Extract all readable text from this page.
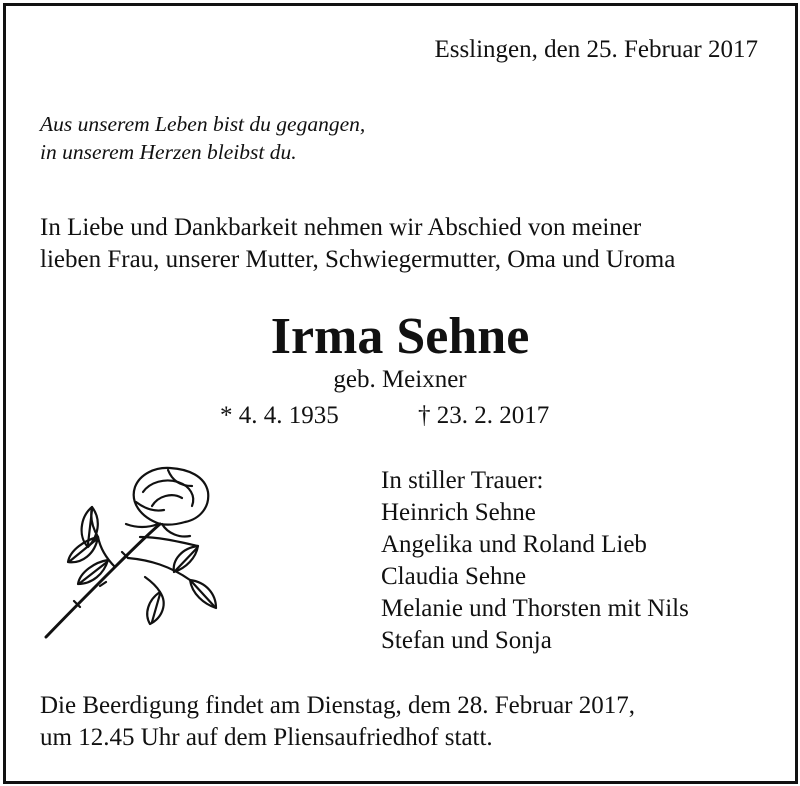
Esslingen, den 25. Februar 2017
Aus unserem Leben bist du gegangen,
in unserem Herzen bleibst du.
In Liebe und Dankbarkeit nehmen wir Abschied von meiner
lieben Frau, unserer Mutter, Schwiegermutter, Oma und Uroma
Irma Sehne
geb. Meixner
* 4. 4. 1935	† 23. 2. 2017
In stiller Trauer:
Heinrich Sehne
Angelika und Roland Lieb
Claudia Sehne
Melanie und Thorsten mit Nils
Stefan und Sonja
Die Beerdigung findet am Dienstag, dem 28. Februar 2017,
um 12.45 Uhr auf dem Pliensaufriedhof statt.
